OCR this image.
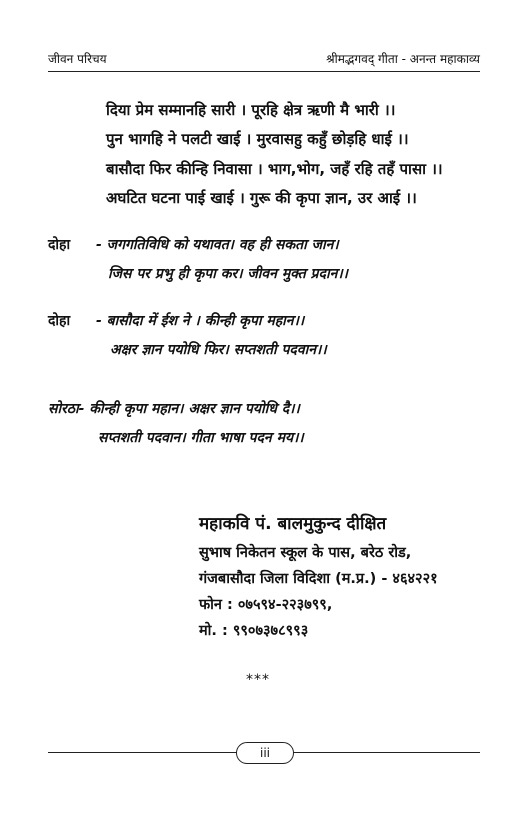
जीवन परिचय	श्रीमद्भगवद् गीता - अनन्त महाकाव्य
दिया प्रेम सम्मानहि सारी । पूरहि क्षेत्र ऋणी मै भारी ।।
पुन भागहि ने पलटी खाई । मुरवासहु कहुँ छोड़हि धाई ।।
बासौदा फिर कीन्हि निवासा । भाग,भोग, जहँ रहि तहँ पासा ।।
अघटित घटना पाई खाई । गुरू की कृपा ज्ञान, उर आई ।।
दोहा - जगगतिविधि को यथावत। वह ही सकता जान।
जिस पर प्रभु ही कृपा कर। जीवन मुक्त प्रदान।।
दोहा - बासौदा में ईश ने । कीन्ही कृपा महान।।
अक्षर ज्ञान पयोधि फिर। सप्तशती पदवान।।
सोरठा- कीन्ही कृपा महान। अक्षर ज्ञान पयोधि दै।।
सप्तशती पदवान। गीता भाषा पदन मय।।
महाकवि पं. बालमुकुन्द दीक्षित
सुभाष निकेतन स्कूल के पास, बरेठ रोड,
गंजबासौदा जिला विदिशा (म.प्र.) - ४६४२२१
फोन : ०७५९४-२२३७९९,
मो. : ९९०७३७८९९३
***
iii
